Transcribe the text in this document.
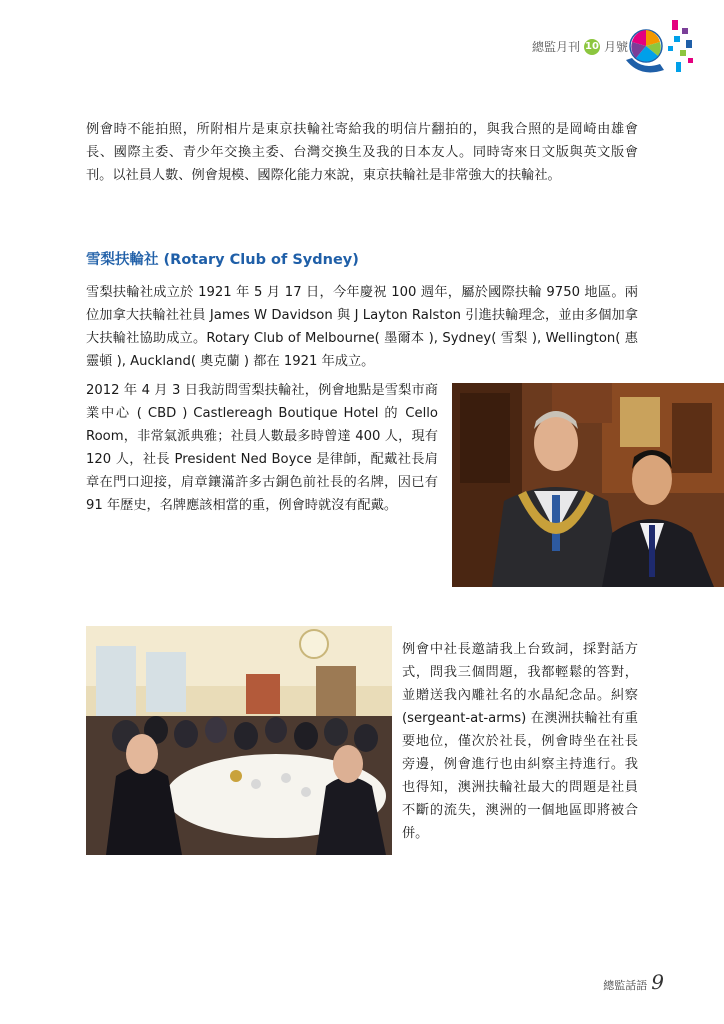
總監月刊 10 月號

例會時不能拍照，所附相片是東京扶輪社寄給我的明信片翻拍的，與我合照的是岡崎由雄會長、國際主委、青少年交換主委、台灣交換生及我的日本友人。同時寄來日文版與英文版會刊。以社員人數、例會規模、國際化能力來說，東京扶輪社是非常強大的扶輪社。

雪梨扶輪社 (Rotary Club of Sydney)

雪梨扶輪社成立於 1921 年 5 月 17 日，今年慶祝 100 週年，屬於國際扶輪 9750 地區。兩位加拿大扶輪社社員 James W Davidson 與 J Layton Ralston 引進扶輪理念，並由多個加拿大扶輪社協助成立。Rotary Club of Melbourne( 墨爾本 ), Sydney( 雪梨 ), Wellington( 惠靈頓 ), Auckland( 奧克蘭 ) 都在 1921 年成立。

2012 年 4 月 3 日我訪問雪梨扶輪社，例會地點是雪梨市商業中心 ( CBD ) Castlereagh Boutique Hotel 的 Cello Room，非常氣派典雅；社員人數最多時曾達 400 人，現有 120 人，社長 President Ned Boyce 是律師，配戴社長肩章在門口迎接，肩章鑲滿許多古銅色前社長的名牌，因已有 91 年歷史，名牌應該相當的重，例會時就沒有配戴。

例會中社長邀請我上台致詞，採對話方式，問我三個問題，我都輕鬆的答對，並贈送我內雕社名的水晶紀念品。糾察 (sergeant-at-arms) 在澳洲扶輪社有重要地位，僅次於社長，例會時坐在社長旁邊，例會進行也由糾察主持進行。我也得知，澳洲扶輪社最大的問題是社員不斷的流失，澳洲的一個地區即將被合併。

總監話語 9
